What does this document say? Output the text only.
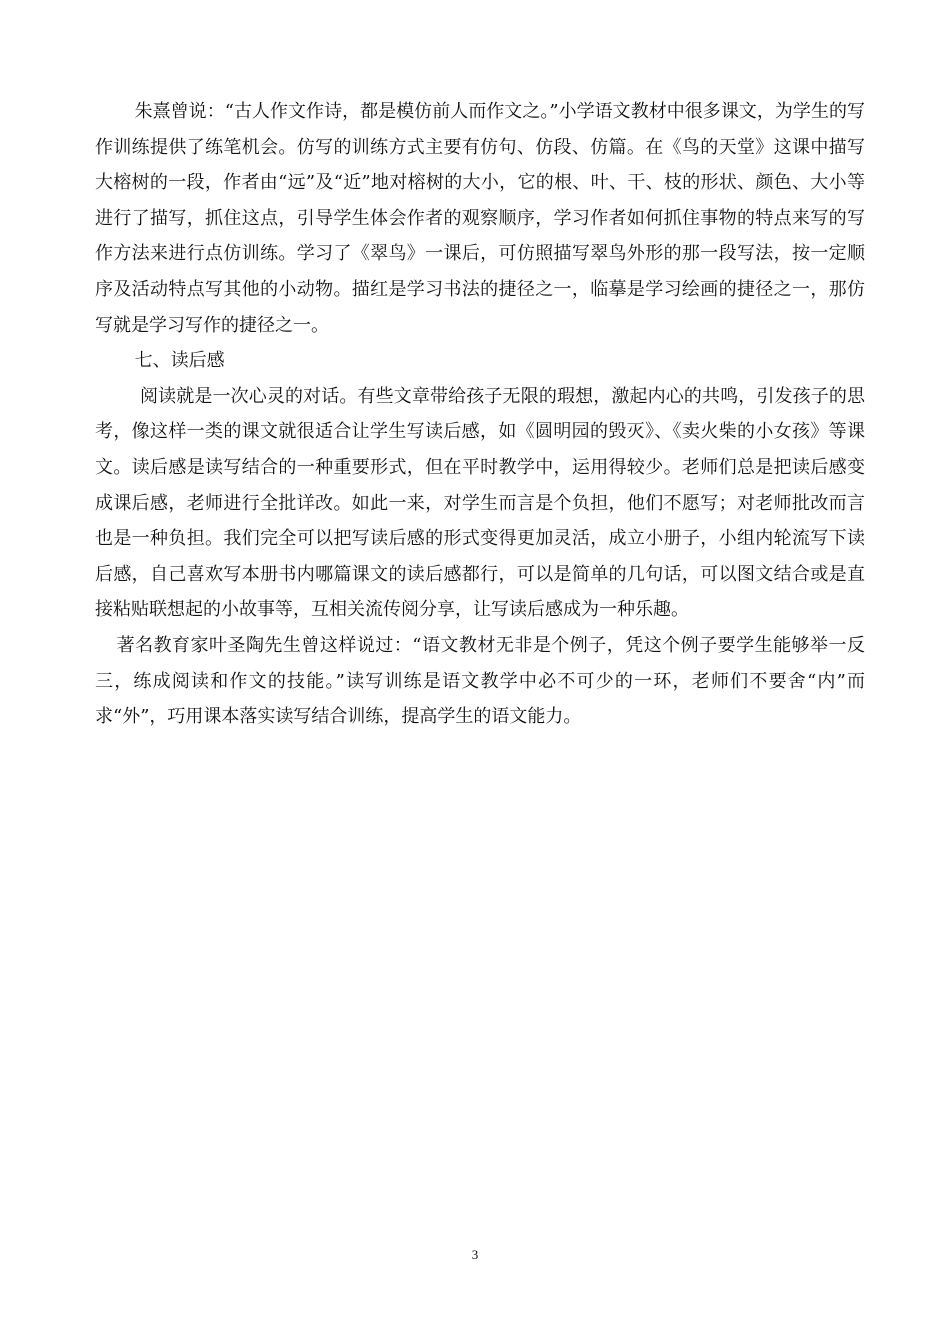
朱熹曾说：“古人作文作诗，都是模仿前人而作文之。”小学语文教材中很多课文，为学生的写作训练提供了练笔机会。仿写的训练方式主要有仿句、仿段、仿篇。在《鸟的天堂》这课中描写大榕树的一段，作者由“远”及“近”地对榕树的大小，它的根、叶、干、枝的形状、颜色、大小等进行了描写，抓住这点，引导学生体会作者的观察顺序，学习作者如何抓住事物的特点来写的写作方法来进行点仿训练。学习了《翠鸟》一课后，可仿照描写翠鸟外形的那一段写法，按一定顺序及活动特点写其他的小动物。描红是学习书法的捷径之一，临摹是学习绘画的捷径之一，那仿写就是学习写作的捷径之一。

七、读后感

阅读就是一次心灵的对话。有些文章带给孩子无限的瑕想，激起内心的共鸣，引发孩子的思考，像这样一类的课文就很适合让学生写读后感，如《圆明园的毁灭》、《卖火柴的小女孩》等课文。读后感是读写结合的一种重要形式，但在平时教学中，运用得较少。老师们总是把读后感变成课后感，老师进行全批详改。如此一来，对学生而言是个负担，他们不愿写；对老师批改而言也是一种负担。我们完全可以把写读后感的形式变得更加灵活，成立小册子，小组内轮流写下读后感，自己喜欢写本册书内哪篇课文的读后感都行，可以是简单的几句话，可以图文结合或是直接粘贴联想起的小故事等，互相关流传阅分享，让写读后感成为一种乐趣。

著名教育家叶圣陶先生曾这样说过：“语文教材无非是个例子，凭这个例子要学生能够举一反三，练成阅读和作文的技能。”读写训练是语文教学中必不可少的一环，老师们不要舍“内”而求“外”，巧用课本落实读写结合训练，提高学生的语文能力。

3
